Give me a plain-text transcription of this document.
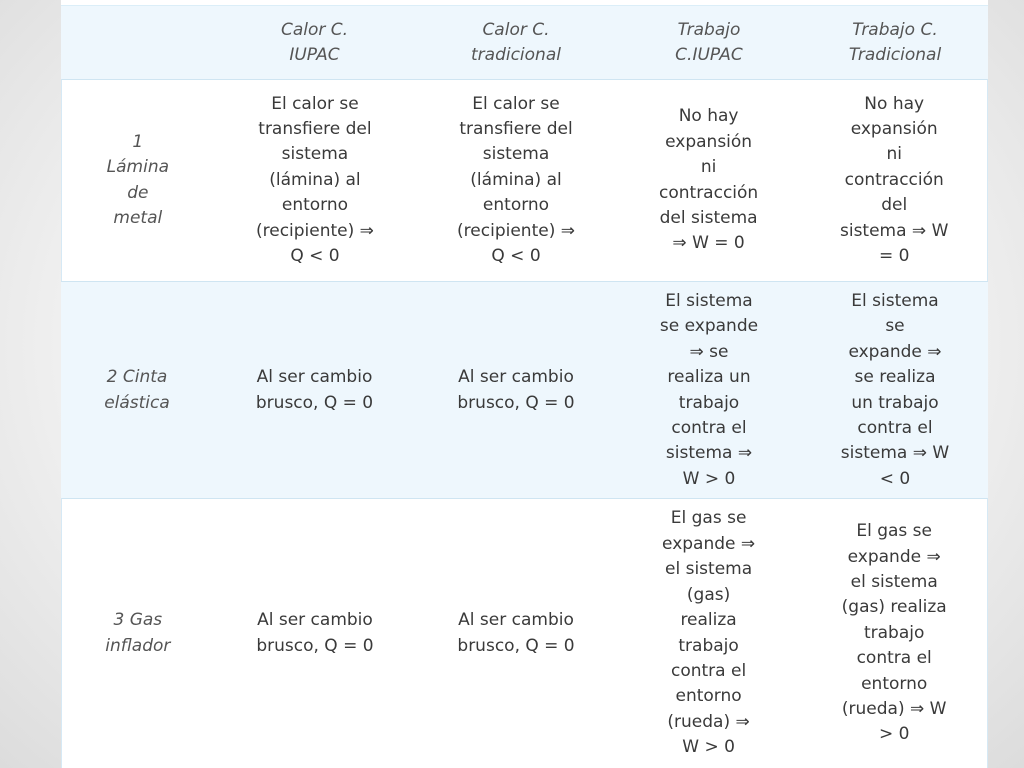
Calor C.
IUPAC
Calor C.
tradicional
Trabajo
C.IUPAC
Trabajo C.
Tradicional
1
Lámina
de
metal
El calor se
transfiere del
sistema
(lámina) al
entorno
(recipiente) ⇒
Q < 0
El calor se
transfiere del
sistema
(lámina) al
entorno
(recipiente) ⇒
Q < 0
No hay
expansión
ni
contracción
del sistema
⇒ W = 0
No hay
expansión
ni
contracción
del
sistema ⇒ W
= 0
2 Cinta
elástica
Al ser cambio
brusco, Q = 0
Al ser cambio
brusco, Q = 0
El sistema
se expande
⇒ se
realiza un
trabajo
contra el
sistema ⇒
W > 0
El sistema
se
expande ⇒
se realiza
un trabajo
contra el
sistema ⇒ W
< 0
3 Gas
inflador
Al ser cambio
brusco, Q = 0
Al ser cambio
brusco, Q = 0
El gas se
expande ⇒
el sistema
(gas)
realiza
trabajo
contra el
entorno
(rueda) ⇒
W > 0
El gas se
expande ⇒
el sistema
(gas) realiza
trabajo
contra el
entorno
(rueda) ⇒ W
> 0
